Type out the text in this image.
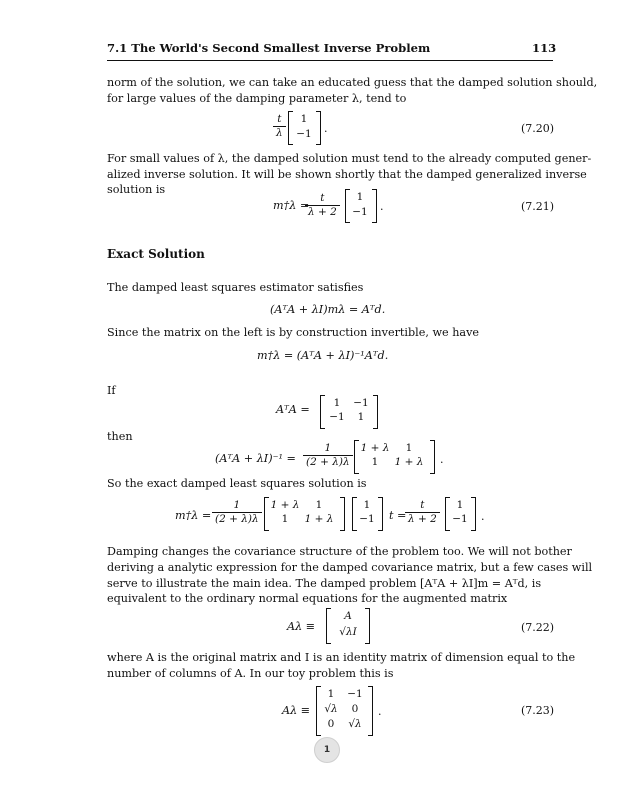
7.1 The World's Second Smallest Inverse Problem	113
norm of the solution, we can take an educated guess that the damped solution should,
for large values of the damping parameter λ, tend to
$\frac{t}{\lambda}$	1
−1 .	(7.20)
For small values of λ, the damped solution must tend to the already computed gener-
alized inverse solution. It will be shown shortly that the damped generalized inverse
solution is
m†λ =
$\frac{t}{\lambda + 2}$	1
−1 .	(7.21)
Exact Solution
The damped least squares estimator satisfies
(AᵀA + λI)mλ = Aᵀd.
Since the matrix on the left is by construction invertible, we have
m†λ = (AᵀA + λI)⁻¹Aᵀd.
If
AᵀA =	1	−1
−1	1
then
(AᵀA + $\lambda I)^{-1} = \frac{1}{(2 + \lambda)\lambda} 1 + \lambda$	1
1	1 + λ .
So the exact damped least squares solution is
m†λ = $\frac{1}{(2 + \lambda)\lambda} 1 + \lambda$	1
1	1 + λ
1
−1 t =
$\frac{t}{\lambda + 2}$	1
−1 .
Damping changes the covariance structure of the problem too. We will not bother
deriving a analytic expression for the damped covariance matrix, but a few cases will
serve to illustrate the main idea. The damped problem [AᵀA + λI]m = Aᵀd, is
equivalent to the ordinary normal equations for the augmented matrix
Aλ ≡
A
√λI	(7.22)
where A is the original matrix and I is an identity matrix of dimension equal to the
number of columns of A. In our toy problem this is
Aλ ≡
1	−1
√λ	0
0	√λ
.	(7.23)
1
